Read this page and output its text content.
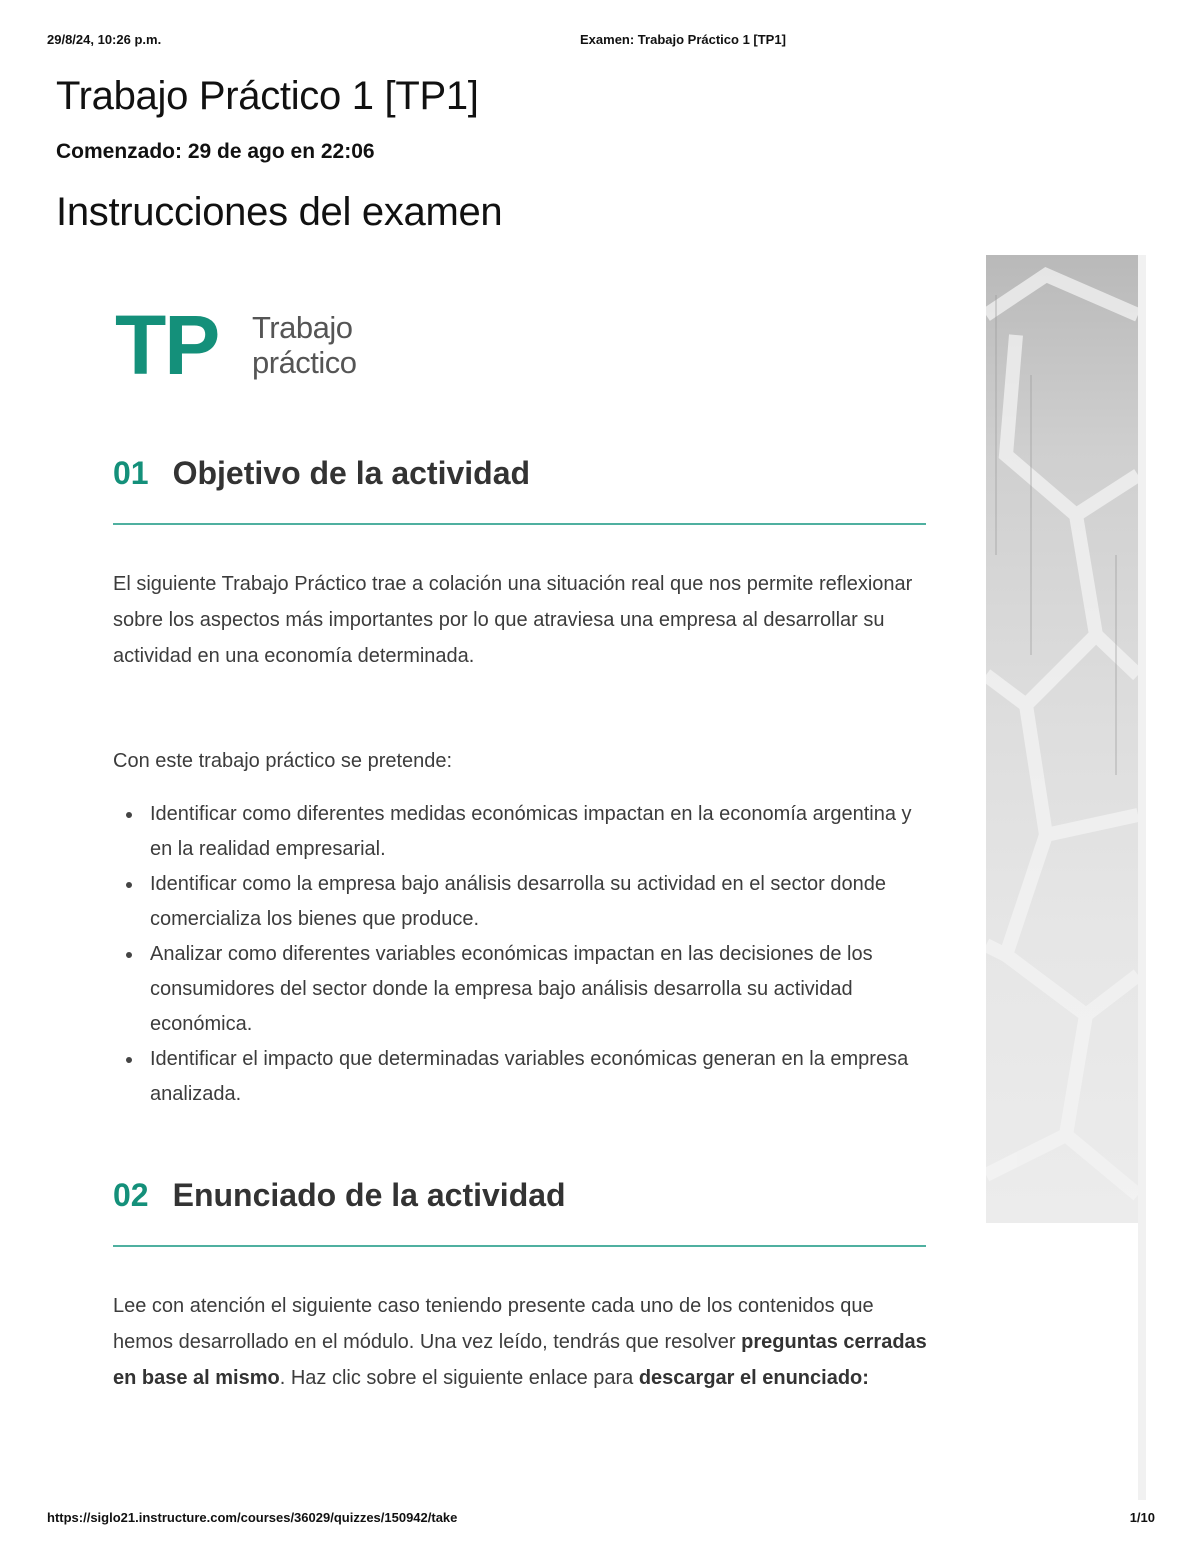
29/8/24, 10:26 p.m.	Examen: Trabajo Práctico 1 [TP1]
Trabajo Práctico 1 [TP1]
Comenzado: 29 de ago en 22:06
Instrucciones del examen
TP Trabajo
práctico
01 Objetivo de la actividad

El siguiente Trabajo Práctico trae a colación una situación real que nos permite reflexionar sobre los aspectos más importantes por lo que atraviesa una empresa al desarrollar su actividad en una economía determinada.

Con este trabajo práctico se pretende:

Identificar como diferentes medidas económicas impactan en la economía argentina y en la realidad empresarial.
Identificar como la empresa bajo análisis desarrolla su actividad en el sector donde comercializa los bienes que produce.
Analizar como diferentes variables económicas impactan en las decisiones de los consumidores del sector donde la empresa bajo análisis desarrolla su actividad económica.
Identificar el impacto que determinadas variables económicas generan en la empresa analizada.
02 Enunciado de la actividad

Lee con atención el siguiente caso teniendo presente cada uno de los contenidos que hemos desarrollado en el módulo. Una vez leído, tendrás que resolver preguntas cerradas en base al mismo. Haz clic sobre el siguiente enlace para descargar el enunciado:

https://siglo21.instructure.com/courses/36029/quizzes/150942/take	1/10
